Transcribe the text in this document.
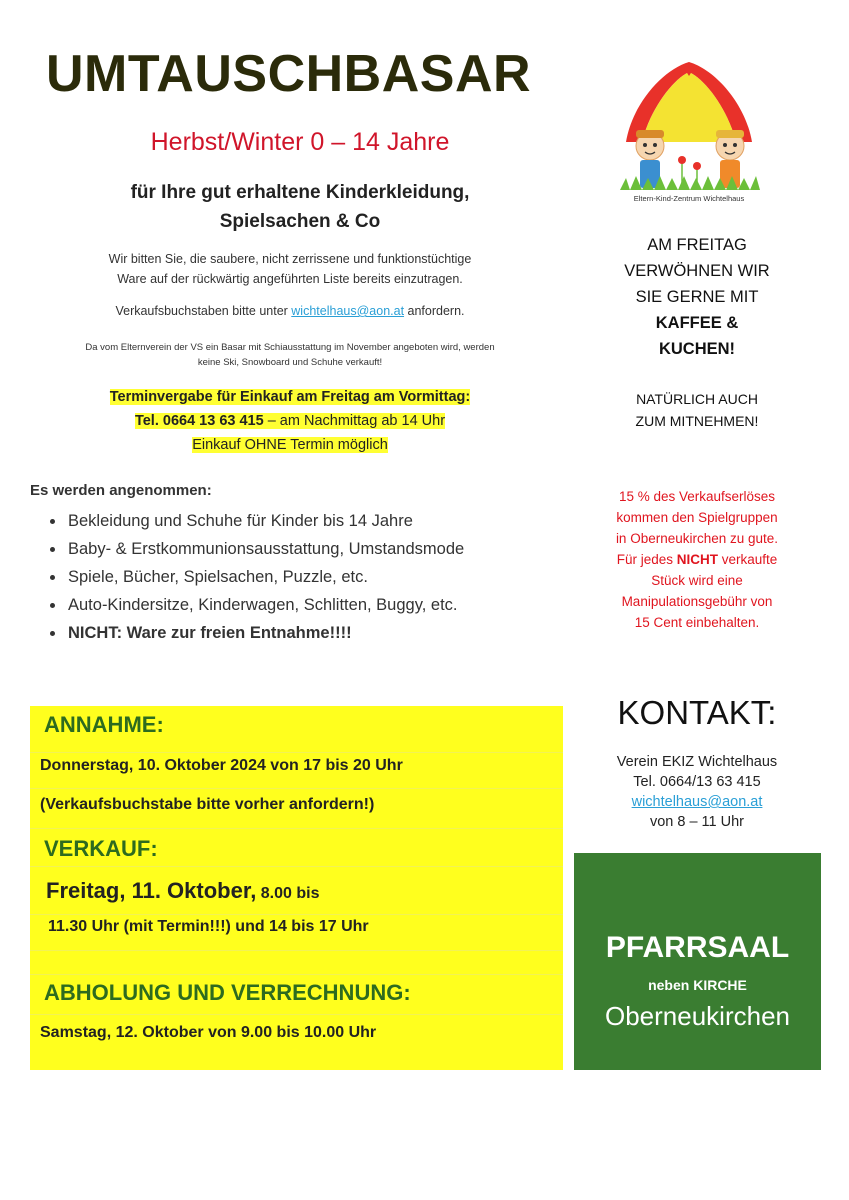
UMTAUSCHBASAR
Herbst/Winter 0 – 14 Jahre
für Ihre gut erhaltene Kinderkleidung,
Spielsachen & Co
Wir bitten Sie, die saubere, nicht zerrissene und funktionstüchtige
Ware auf der rückwärtig angeführten Liste bereits einzutragen.
Verkaufsbuchstaben bitte unter wichtelhaus@aon.at anfordern.
Da vom Elternverein der VS ein Basar mit Schiausstattung im November angeboten wird, werden
keine Ski, Snowboard und Schuhe verkauft!
Terminvergabe für Einkauf am Freitag am Vormittag:
Tel. 0664 13 63 415 – am Nachmittag ab 14 Uhr
Einkauf OHNE Termin möglich
Es werden angenommen:
• Bekleidung und Schuhe für Kinder bis 14 Jahre
• Baby- & Erstkommunionsausstattung, Umstandsmode
• Spiele, Bücher, Spielsachen, Puzzle, etc.
• Auto-Kindersitze, Kinderwagen, Schlitten, Buggy, etc.
• NICHT: Ware zur freien Entnahme!!!!
Eltern-Kind-Zentrum Wichtelhaus
AM FREITAG
VERWÖHNEN WIR
SIE GERNE MIT
KAFFEE &
KUCHEN!
NATÜRLICH AUCH
ZUM MITNEHMEN!
15 % des Verkaufserlöses
kommen den Spielgruppen
in Oberneukirchen zu gute.
Für jedes NICHT verkaufte
Stück wird eine
Manipulationsgebühr von
15 Cent einbehalten.
ANNAHME:
Donnerstag, 10. Oktober 2024 von 17 bis 20 Uhr
(Verkaufsbuchstabe bitte vorher anfordern!)
VERKAUF:
Freitag, 11. Oktober, 8.00 bis
11.30 Uhr (mit Termin!!!) und 14 bis 17 Uhr
ABHOLUNG UND VERRECHNUNG:
Samstag, 12. Oktober von 9.00 bis 10.00 Uhr
KONTAKT:
Verein EKIZ Wichtelhaus
Tel. 0664/13 63 415
wichtelhaus@aon.at
von 8 – 11 Uhr
PFARRSAAL
neben KIRCHE
Oberneukirchen
